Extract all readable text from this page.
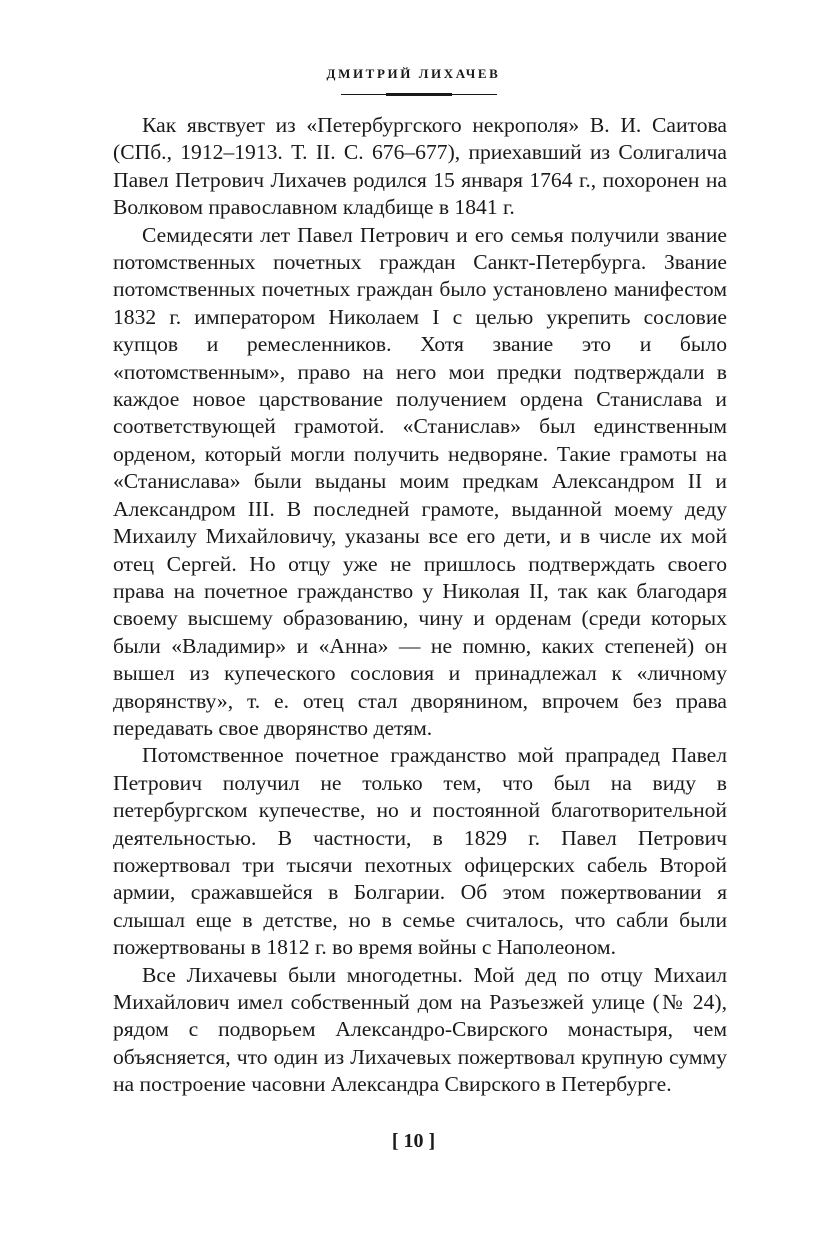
ДМИТРИЙ ЛИХАЧЕВ

Как явствует из «Петербургского некрополя» В. И. Саитова (СПб., 1912–1913. Т. II. С. 676–677), приехавший из Солигалича Павел Петрович Лихачев родился 15 января 1764 г., похоронен на Волковом православном кладбище в 1841 г.

Семидесяти лет Павел Петрович и его семья получили звание потомственных почетных граждан Санкт-Петербурга. Звание потомственных почетных граждан было установлено манифестом 1832 г. императором Николаем I с целью укрепить сословие купцов и ремесленников. Хотя звание это и было «потомственным», право на него мои предки подтверждали в каждое новое царствование получением ордена Станислава и соответствующей грамотой. «Станислав» был единственным орденом, который могли получить недворяне. Такие грамоты на «Станислава» были выданы моим предкам Александром II и Александром III. В последней грамоте, выданной моему деду Михаилу Михайловичу, указаны все его дети, и в числе их мой отец Сергей. Но отцу уже не пришлось подтверждать своего права на почетное гражданство у Николая II, так как благодаря своему высшему образованию, чину и орденам (среди которых были «Владимир» и «Анна» — не помню, каких степеней) он вышел из купеческого сословия и принадлежал к «личному дворянству», т. е. отец стал дворянином, впрочем без права передавать свое дворянство детям.

Потомственное почетное гражданство мой прапрадед Павел Петрович получил не только тем, что был на виду в петербургском купечестве, но и постоянной благотворительной деятельностью. В частности, в 1829 г. Павел Петрович пожертвовал три тысячи пехотных офицерских сабель Второй армии, сражавшейся в Болгарии. Об этом пожертвовании я слышал еще в детстве, но в семье считалось, что сабли были пожертвованы в 1812 г. во время войны с Наполеоном.

Все Лихачевы были многодетны. Мой дед по отцу Михаил Михайлович имел собственный дом на Разъезжей улице (№ 24), рядом с подворьем Александро-Свирского монастыря, чем объясняется, что один из Лихачевых пожертвовал крупную сумму на построение часовни Александра Свирского в Петербурге.

[ 10 ]
